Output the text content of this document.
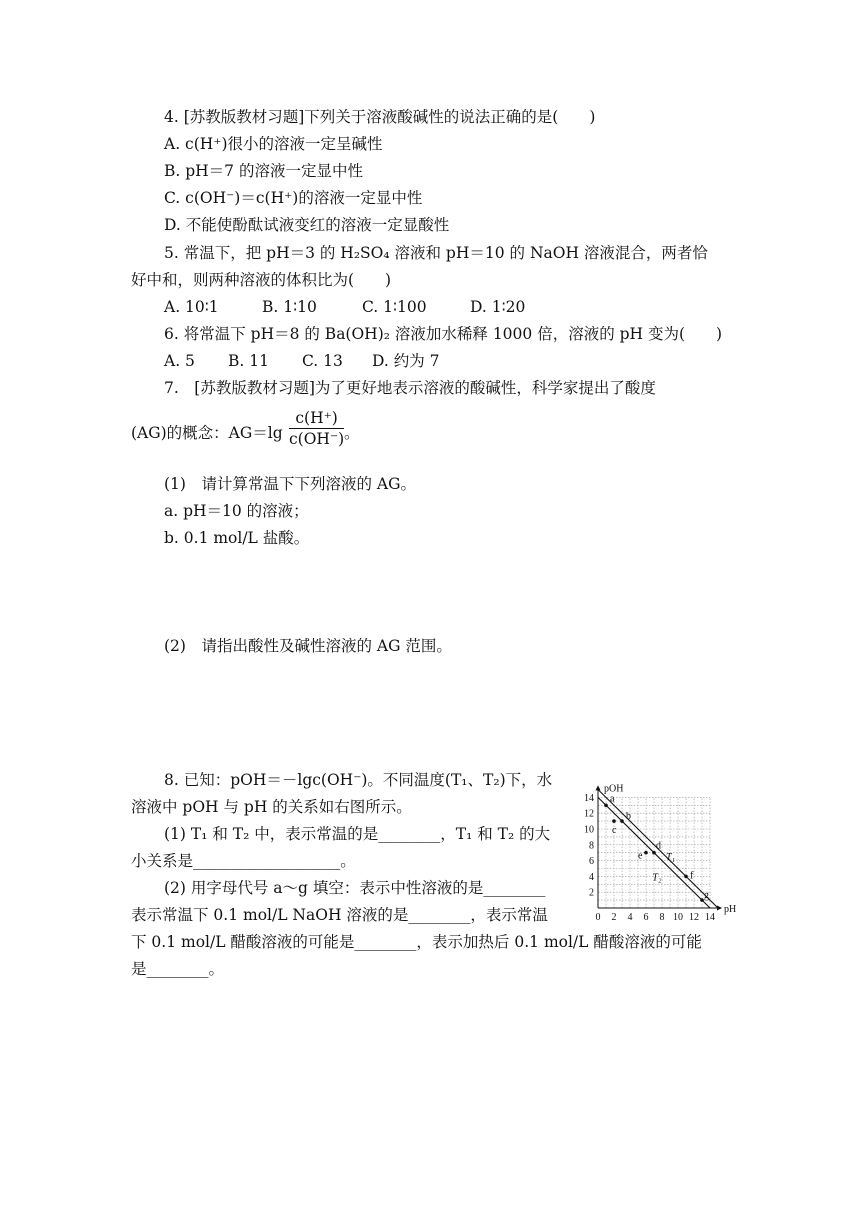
4. [苏教版教材习题]下列关于溶液酸碱性的说法正确的是(　　)
A. c(H⁺)很小的溶液一定呈碱性
B. pH＝7 的溶液一定显中性
C. c(OH⁻)＝c(H⁺)的溶液一定显中性
D. 不能使酚酞试液变红的溶液一定显酸性
5. 常温下，把 pH＝3 的 H₂SO₄ 溶液和 pH＝10 的 NaOH 溶液混合，两者恰
好中和，则两种溶液的体积比为(　　)
A. 10∶1	B. 1∶10	C. 1∶100	D. 1∶20
6. 将常温下 pH＝8 的 Ba(OH)₂ 溶液加水稀释 1000 倍，溶液的 pH 变为(　　)
A. 5 B. 11 C. 13 D. 约为 7
7.　[苏教版教材习题]为了更好地表示溶液的酸碱性，科学家提出了酸度
(AG)的概念：$AG=\lg \frac{c(H^+)}{c(OH^-)}$ 。
(1)　请计算常温下下列溶液的 AG。
a. pH＝10 的溶液；
b. 0.1 mol/L 盐酸。
(2)　请指出酸性及碱性溶液的 AG 范围。
8. 已知：pOH＝－lgc(OH⁻)。不同温度(T₁、T₂)下，水
溶液中 pOH 与 pH 的关系如右图所示。
(1) T₁ 和 T₂ 中，表示常温的是________，T₁ 和 T₂ 的大
小关系是___________________。
(2) 用字母代号 a～g 填空：表示中性溶液的是________
表示常温下 0.1 mol/L NaOH 溶液的是________，表示常温
下 0.1 mol/L 醋酸溶液的可能是________，表示加热后 0.1 mol/L 醋酸溶液的可能
是________。
0 2 4 6 8 10 12 14
2
4
6
8
10
12
14
pH
pOH
T₁
T₂
a
b
c
d
e
f
g
